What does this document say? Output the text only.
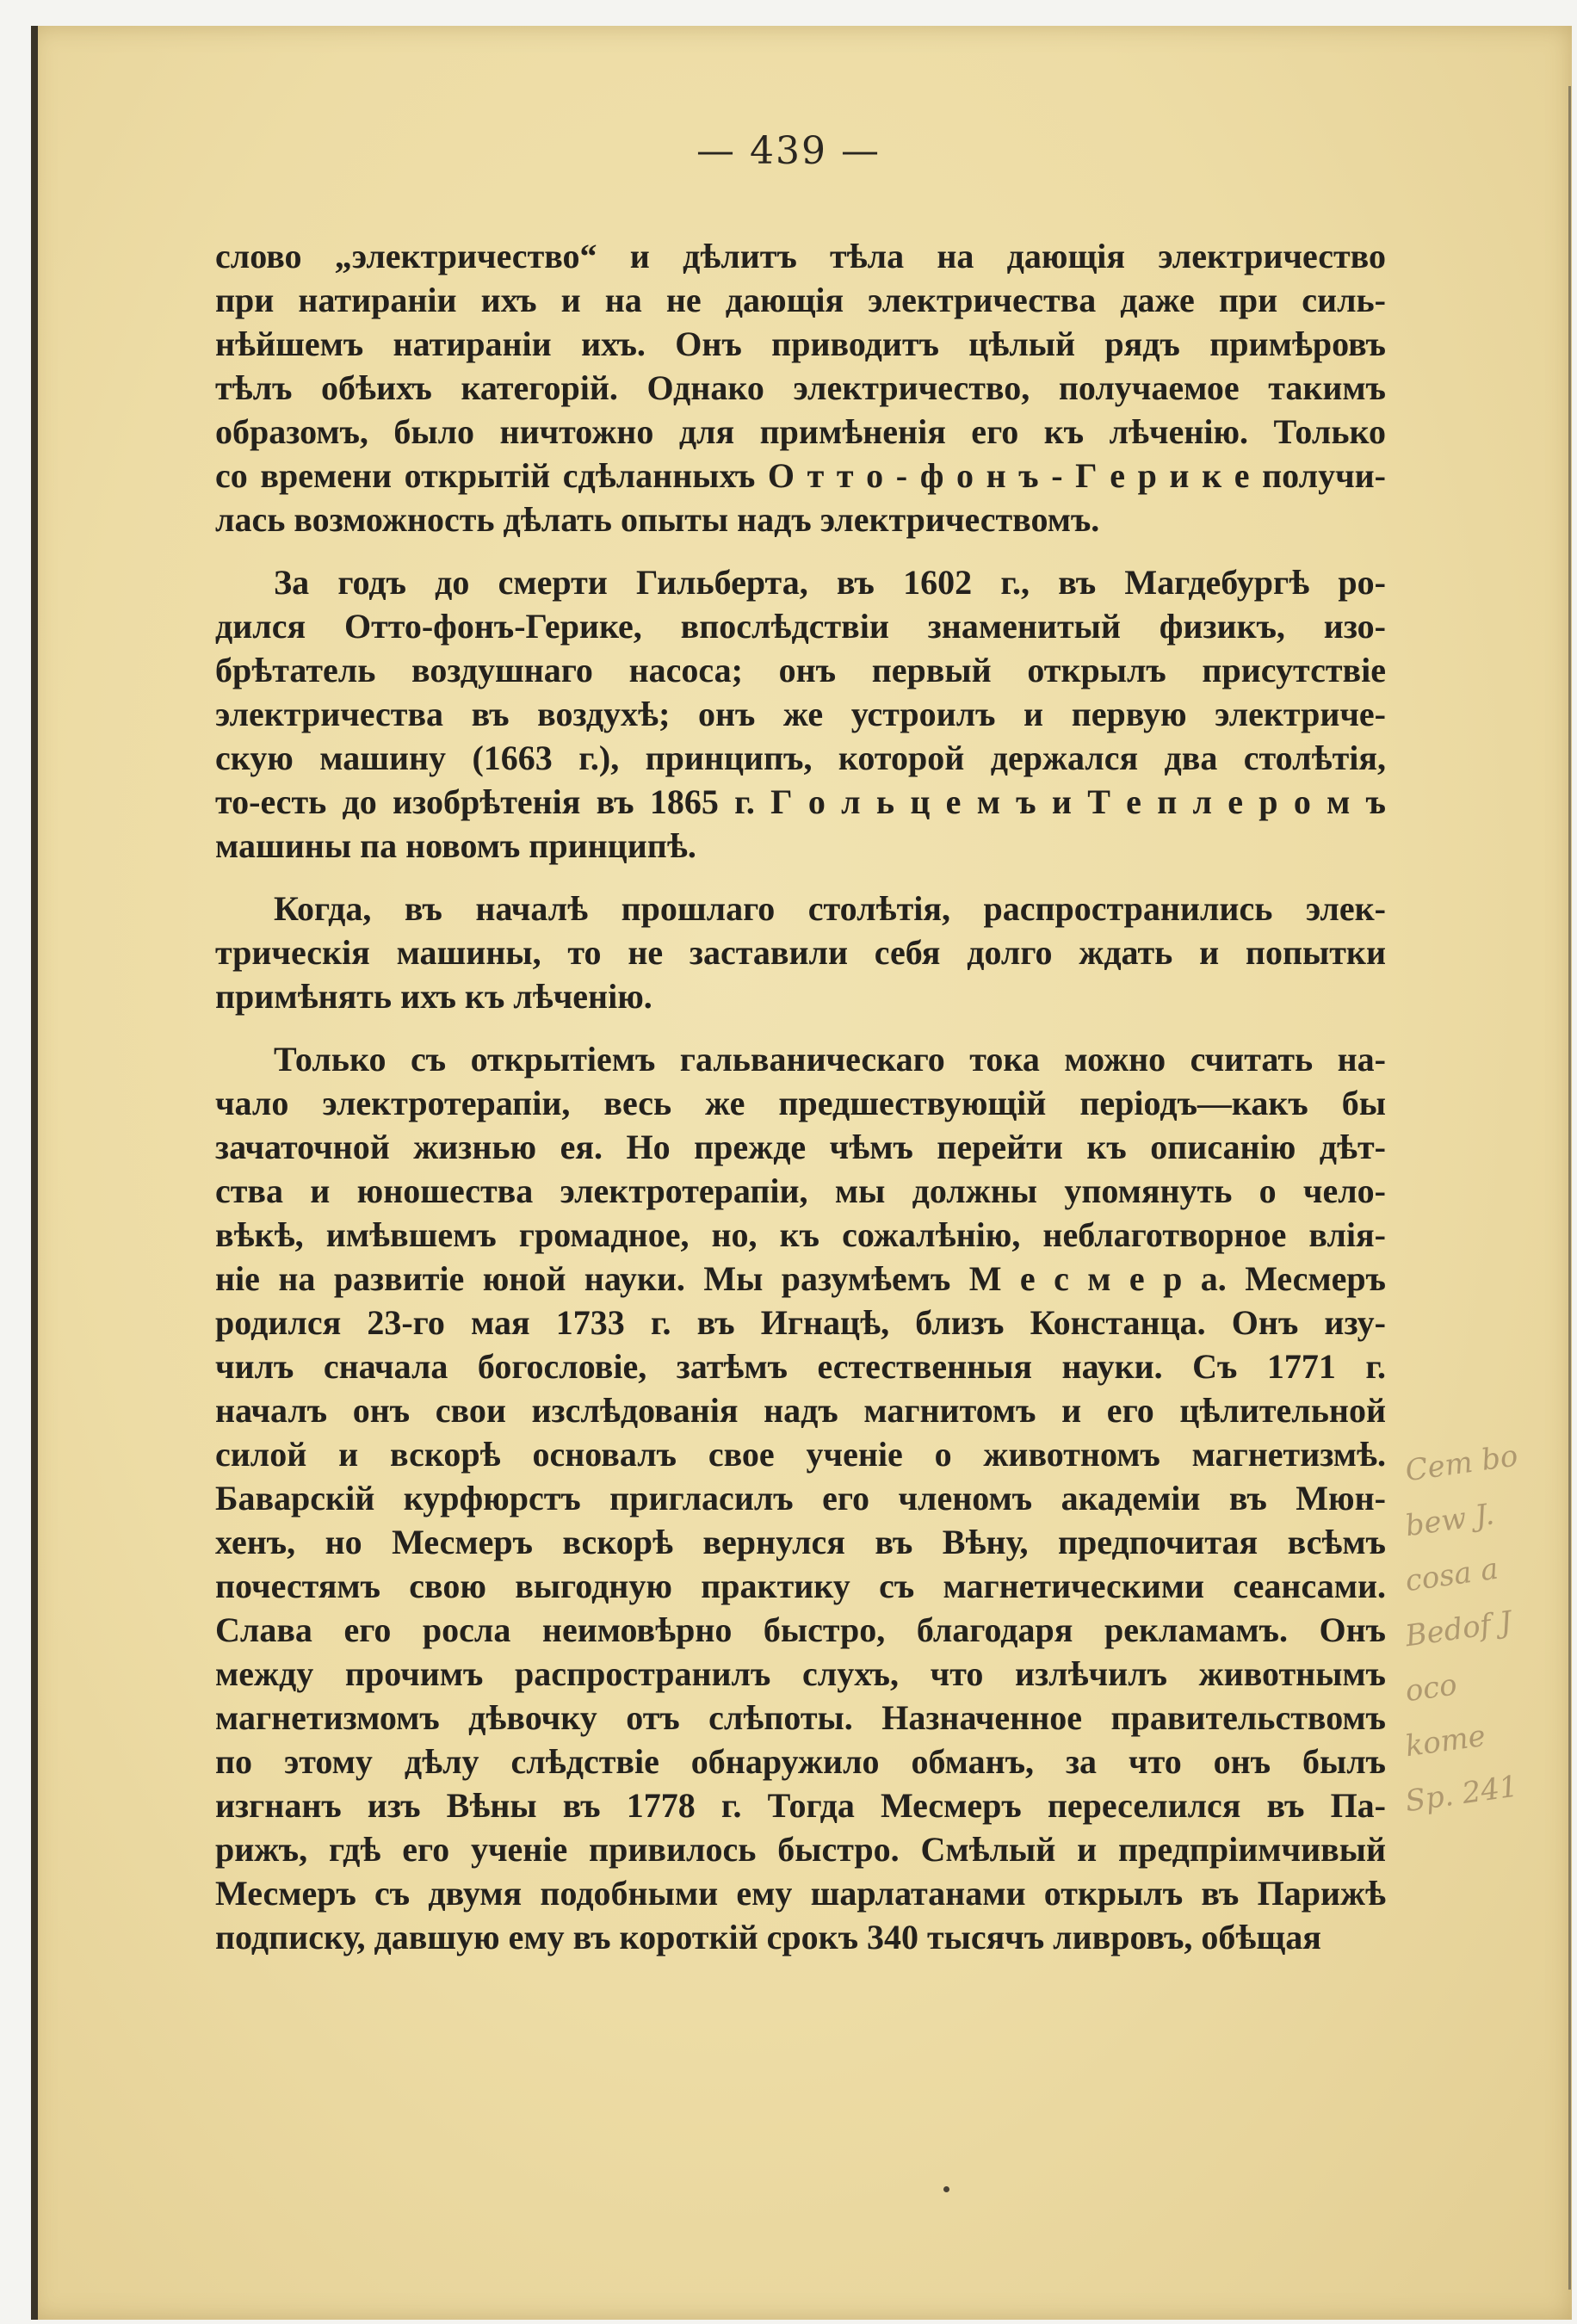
— 439 —
слово „электричество“ и дѣлитъ тѣла на дающія электричество
при натираніи ихъ и на не дающія электричества даже при силь-
нѣйшемъ натираніи ихъ. Онъ приводитъ цѣлый рядъ примѣровъ
тѣлъ обѣихъ категорій. Однако электричество, получаемое такимъ
образомъ, было ничтожно для примѣненія его къ лѣченію. Только
со времени открытій сдѣланныхъ О т т о - ф о н ъ - Г е р и к е получи-
лась возможность дѣлать опыты надъ электричествомъ.
За годъ до смерти Гильберта, въ 1602 г., въ Магдебургѣ ро-
дился Отто-фонъ-Герике, впослѣдствіи знаменитый физикъ, изо-
брѣтатель воздушнаго насоса; онъ первый открылъ присутствіе
электричества въ воздухѣ; онъ же устроилъ и первую электриче-
скую машину (1663 г.), принципъ, которой держался два столѣтія,
то-есть до изобрѣтенія въ 1865 г. Г о л ь ц е м ъ и Т е п л е р о м ъ
машины па новомъ принципѣ.
Когда, въ началѣ прошлаго столѣтія, распространились элек-
трическія машины, то не заставили себя долго ждать и попытки
примѣнять ихъ къ лѣченію.
Только съ открытіемъ гальваническаго тока можно считать на-
чало электротерапіи, весь же предшествующій періодъ—какъ бы
зачаточной жизнью ея. Но прежде чѣмъ перейти къ описанію дѣт-
ства и юношества электротерапіи, мы должны упомянуть о чело-
вѣкѣ, имѣвшемъ громадное, но, къ сожалѣнію, неблаготворное влія-
ніе на развитіе юной науки. Мы разумѣемъ М е с м е р а. Месмеръ
родился 23-го мая 1733 г. въ Игнацѣ, близъ Констанца. Онъ изу-
чилъ сначала богословіе, затѣмъ естественныя науки. Съ 1771 г.
началъ онъ свои изслѣдованія надъ магнитомъ и его цѣлительной
силой и вскорѣ основалъ свое ученіе о животномъ магнетизмѣ.
Баварскій курфюрстъ пригласилъ его членомъ академіи въ Мюн-
хенъ, но Месмеръ вскорѣ вернулся въ Вѣну, предпочитая всѣмъ
почестямъ свою выгодную практику съ магнетическими сеансами.
Слава его росла неимовѣрно быстро, благодаря рекламамъ. Онъ
между прочимъ распространилъ слухъ, что излѣчилъ животнымъ
магнетизмомъ дѣвочку отъ слѣпоты. Назначенное правительствомъ
по этому дѣлу слѣдствіе обнаружило обманъ, за что онъ былъ
изгнанъ изъ Вѣны въ 1778 г. Тогда Месмеръ переселился въ Па-
рижъ, гдѣ его ученіе привилось быстро. Смѣлый и предпріимчивый
Месмеръ съ двумя подобными ему шарлатанами открылъ въ Парижѣ
подписку, давшую ему въ короткій срокъ 340 тысячъ ливровъ, обѣщая
Cem bo
bew J.
cosa a
Bedof J
oco
kome
Sp. 241
